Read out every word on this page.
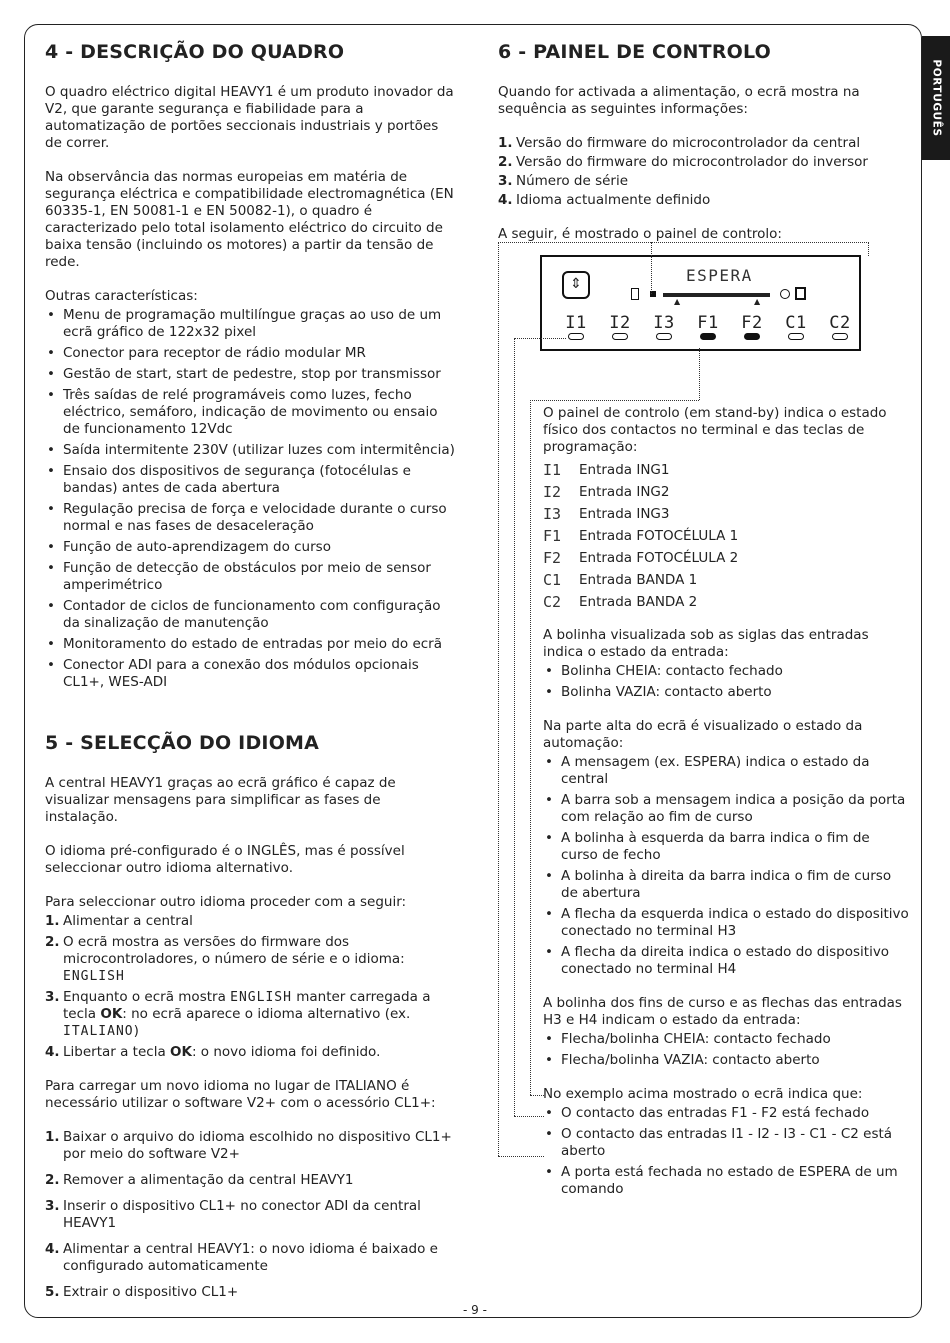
PORTUGUÊS
4 - DESCRIÇÃO DO QUADRO

O quadro eléctrico digital HEAVY1 é um produto inovador da V2, que garante segurança e fiabilidade para a automatização de portões seccionais industriais y portões de correr.

Na observância das normas europeias em matéria de segurança eléctrica e compatibilidade electromagnética (EN 60335-1, EN 50081-1 e EN 50082-1), o quadro é caracterizado pelo total isolamento eléctrico do circuito de baixa tensão (incluindo os motores) a partir da tensão de rede.

Outras características:

• Menu de programação multilíngue graças ao uso de um ecrã gráfico de 122x32 pixel
• Conector para receptor de rádio modular MR
• Gestão de start, start de pedestre, stop por transmissor
• Três saídas de relé programáveis como luzes, fecho eléctrico, semáforo, indicação de movimento ou ensaio de funcionamento 12Vdc
• Saída intermitente 230V (utilizar luzes com intermitência)
• Ensaio dos dispositivos de segurança (fotocélulas e bandas) antes de cada abertura
• Regulação precisa de força e velocidade durante o curso normal e nas fases de desaceleração
• Função de auto-aprendizagem do curso
• Função de detecção de obstáculos por meio de sensor amperimétrico
• Contador de ciclos de funcionamento com configuração da sinalização de manutenção
• Monitoramento do estado de entradas por meio do ecrã
• Conector ADI para a conexão dos módulos opcionais CL1+, WES-ADI
5 - SELECÇÃO DO IDIOMA

A central HEAVY1 graças ao ecrã gráfico é capaz de visualizar mensagens para simplificar as fases de instalação.

O idioma pré-configurado é o INGLÊS, mas é possível seleccionar outro idioma alternativo.

Para seleccionar outro idioma proceder com a seguir:

1. Alimentar a central
2. O ecrã mostra as versões do firmware dos microcontroladores, o número de série e o idioma: ENGLISH
3. Enquanto o ecrã mostra ENGLISH manter carregada a tecla OK: no ecrã aparece o idioma alternativo (ex. ITALIANO)
4. Libertar a tecla OK: o novo idioma foi definido.

Para carregar um novo idioma no lugar de ITALIANO é necessário utilizar o software V2+ com o acessório CL1+:

1. Baixar o arquivo do idioma escolhido no dispositivo CL1+ por meio do software V2+
2. Remover a alimentação da central HEAVY1
3. Inserir o dispositivo CL1+ no conector ADI da central HEAVY1
4. Alimentar a central HEAVY1: o novo idioma é baixado e configurado automaticamente
5. Extrair o dispositivo CL1+
6 - PAINEL DE CONTROLO

Quando for activada a alimentação, o ecrã mostra na sequência as seguintes informações:

1. Versão do firmware do microcontrolador da central
2. Versão do firmware do microcontrolador do inversor
3. Número de série
4. Idioma actualmente definido

A seguir, é mostrado o painel de controlo:

⇕	ESPERA
▲	▲
I1	I2	I3	F1	F2	C1	C2

O painel de controlo (em stand-by) indica o estado físico dos contactos no terminal e das teclas de programação:

I1	Entrada ING1
I2	Entrada ING2
I3	Entrada ING3
F1	Entrada FOTOCÉLULA 1
F2	Entrada FOTOCÉLULA 2
C1	Entrada BANDA 1
C2	Entrada BANDA 2

A bolinha visualizada sob as siglas das entradas indica o estado da entrada:

• Bolinha CHEIA: contacto fechado
• Bolinha VAZIA: contacto aberto

Na parte alta do ecrã é visualizado o estado da automação:

• A mensagem (ex. ESPERA) indica o estado da central
• A barra sob a mensagem indica a posição da porta com relação ao fim de curso
• A bolinha à esquerda da barra indica o fim de curso de fecho
• A bolinha à direita da barra indica o fim de curso de abertura
• A flecha da esquerda indica o estado do dispositivo conectado no terminal H3
• A flecha da direita indica o estado do dispositivo conectado no terminal H4

A bolinha dos fins de curso e as flechas das entradas H3 e H4 indicam o estado da entrada:

• Flecha/bolinha CHEIA: contacto fechado
• Flecha/bolinha VAZIA: contacto aberto

No exemplo acima mostrado o ecrã indica que:

• O contacto das entradas F1 - F2 está fechado
• O contacto das entradas I1 - I2 - I3 - C1 - C2 está aberto
• A porta está fechada no estado de ESPERA de um comando
- 9 -
